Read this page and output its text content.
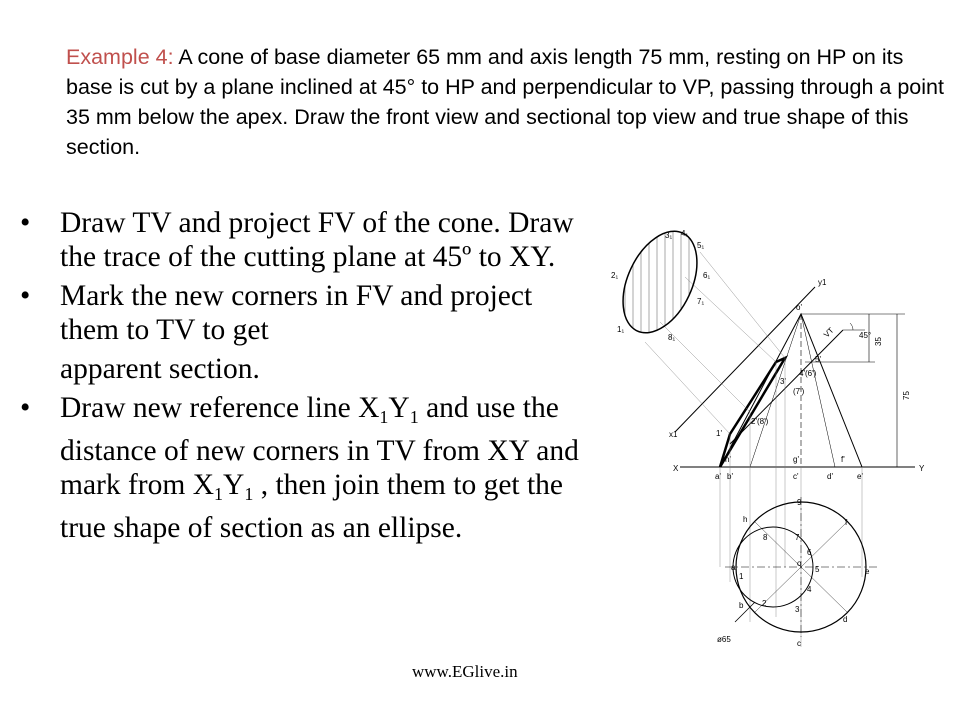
Example 4: A cone of base diameter 65 mm and axis length 75 mm, resting on HP on its base is cut by a plane inclined at 45° to HP and perpendicular to VP, passing through a point 35 mm below the apex. Draw the front view and sectional top view and true shape of this section.
• Draw TV and project FV of the cone. Draw the trace of the cutting plane at 45º to XY.
• Mark the new corners in FV and project them to TV to get
apparent section.
• Draw new reference line $X_1Y_1$ and use the distance of new corners in TV from XY and mark from $X_1Y_1$ , then join them to get the true shape of section as an ellipse.
www.EGlive.in
X	Y
x1
y1
o'
VT	45°
1'
2'(8')
3'
(7')
4'(6')
5'
35
75
a' b'
h'	g'
c'	d'
f'
e'
3₁ 4₁
5₁
6₁
7₁
8₁
1₁
2₁
ø65
a
b
h
9
f
e
d
c
1
2
3
4
5
6
7
8
o
